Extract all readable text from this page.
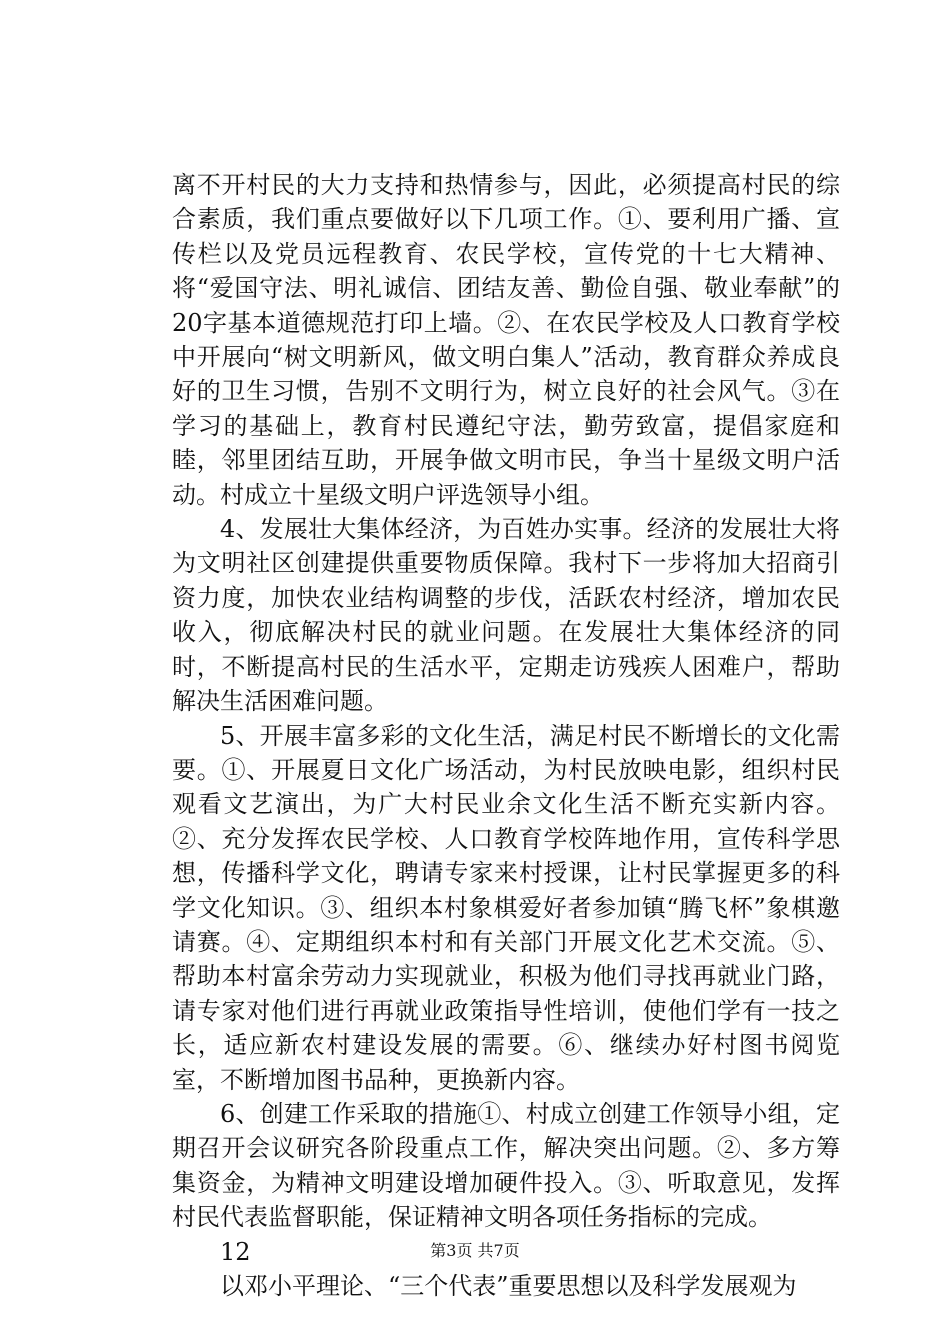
离不开村民的大力支持和热情参与，因此，必须提高村民的综合素质，我们重点要做好以下几项工作。①、要利用广播、宣传栏以及党员远程教育、农民学校，宣传党的十七大精神、将“爱国守法、明礼诚信、团结友善、勤俭自强、敬业奉献”的20字基本道德规范打印上墙。②、在农民学校及人口教育学校中开展向“树文明新风，做文明白集人”活动，教育群众养成良好的卫生习惯，告别不文明行为，树立良好的社会风气。③在学习的基础上，教育村民遵纪守法，勤劳致富，提倡家庭和睦，邻里团结互助，开展争做文明市民，争当十星级文明户活动。村成立十星级文明户评选领导小组。

4、发展壮大集体经济，为百姓办实事。经济的发展壮大将为文明社区创建提供重要物质保障。我村下一步将加大招商引资力度，加快农业结构调整的步伐，活跃农村经济，增加农民收入，彻底解决村民的就业问题。在发展壮大集体经济的同时，不断提高村民的生活水平，定期走访残疾人困难户，帮助解决生活困难问题。

5、开展丰富多彩的文化生活，满足村民不断增长的文化需要。①、开展夏日文化广场活动，为村民放映电影，组织村民观看文艺演出，为广大村民业余文化生活不断充实新内容。②、充分发挥农民学校、人口教育学校阵地作用，宣传科学思想，传播科学文化，聘请专家来村授课，让村民掌握更多的科学文化知识。③、组织本村象棋爱好者参加镇“腾飞杯”象棋邀请赛。④、定期组织本村和有关部门开展文化艺术交流。⑤、帮助本村富余劳动力实现就业，积极为他们寻找再就业门路，请专家对他们进行再就业政策指导性培训，使他们学有一技之长，适应新农村建设发展的需要。⑥、继续办好村图书阅览室，不断增加图书品种，更换新内容。

6、创建工作采取的措施①、村成立创建工作领导小组，定期召开会议研究各阶段重点工作，解决突出问题。②、多方筹集资金，为精神文明建设增加硬件投入。③、听取意见，发挥村民代表监督职能，保证精神文明各项任务指标的完成。

12

以邓小平理论、“三个代表”重要思想以及科学发展观为

第3页 共7页
